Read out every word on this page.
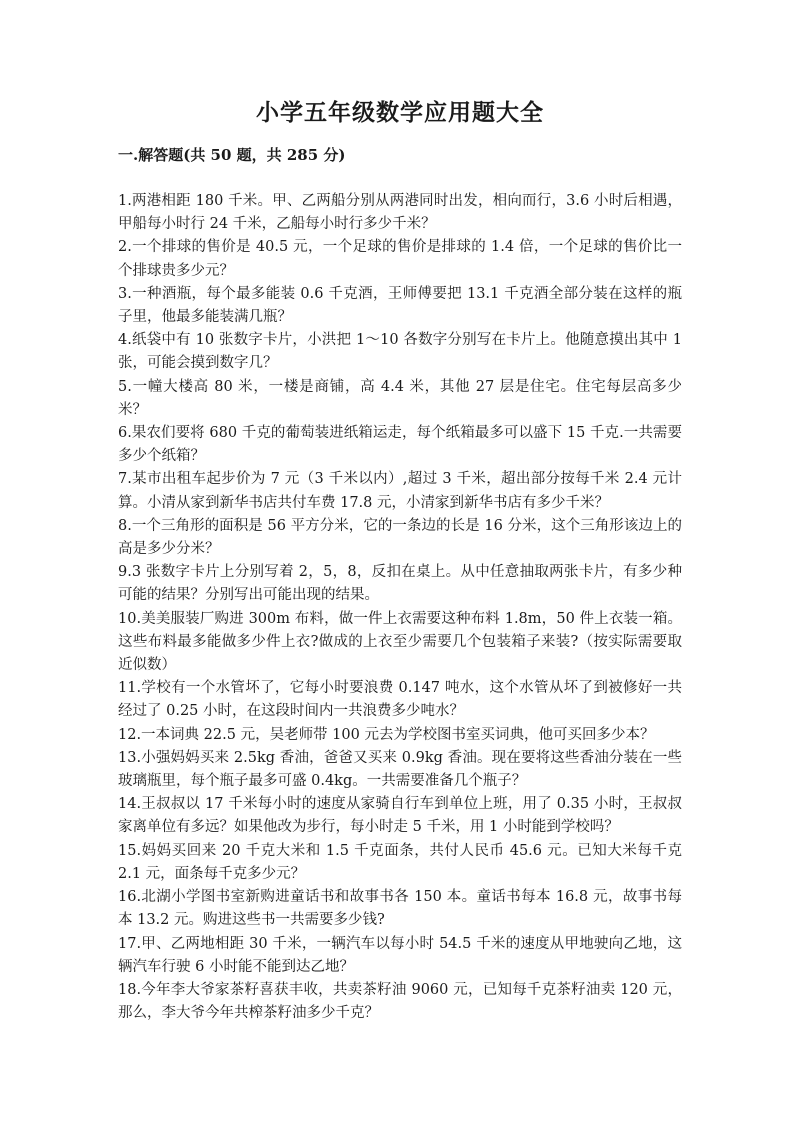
小学五年级数学应用题大全
一.解答题(共 50 题，共 285 分)
1.两港相距 180 千米。甲、乙两船分别从两港同时出发，相向而行，3.6 小时后相遇，甲船每小时行 24 千米，乙船每小时行多少千米？
2.一个排球的售价是 40.5 元，一个足球的售价是排球的 1.4 倍，一个足球的售价比一个排球贵多少元？
3.一种酒瓶，每个最多能装 0.6 千克酒，王师傅要把 13.1 千克酒全部分装在这样的瓶子里，他最多能装满几瓶？
4.纸袋中有 10 张数字卡片，小洪把 1～10 各数字分别写在卡片上。他随意摸出其中 1 张，可能会摸到数字几？
5.一幢大楼高 80 米，一楼是商铺，高 4.4 米，其他 27 层是住宅。住宅每层高多少米？
6.果农们要将 680 千克的葡萄装进纸箱运走，每个纸箱最多可以盛下 15 千克.一共需要多少个纸箱？
7.某市出租车起步价为 7 元（3 千米以内）,超过 3 千米，超出部分按每千米 2.4 元计算。小清从家到新华书店共付车费 17.8 元，小清家到新华书店有多少千米？
8.一个三角形的面积是 56 平方分米，它的一条边的长是 16 分米，这个三角形该边上的高是多少分米？
9.3 张数字卡片上分别写着 2，5，8，反扣在桌上。从中任意抽取两张卡片，有多少种可能的结果？分别写出可能出现的结果。
10.美美服装厂购进 300m 布料，做一件上衣需要这种布料 1.8m，50 件上衣装一箱。这些布料最多能做多少件上衣?做成的上衣至少需要几个包装箱子来装?（按实际需要取近似数）
11.学校有一个水管坏了，它每小时要浪费 0.147 吨水，这个水管从坏了到被修好一共经过了 0.25 小时，在这段时间内一共浪费多少吨水？
12.一本词典 22.5 元，吴老师带 100 元去为学校图书室买词典，他可买回多少本？
13.小强妈妈买来 2.5kg 香油，爸爸又买来 0.9kg 香油。现在要将这些香油分装在一些玻璃瓶里，每个瓶子最多可盛 0.4kg。一共需要准备几个瓶子？
14.王叔叔以 17 千米每小时的速度从家骑自行车到单位上班，用了 0.35 小时，王叔叔家离单位有多远？如果他改为步行，每小时走 5 千米，用 1 小时能到学校吗？
15.妈妈买回来 20 千克大米和 1.5 千克面条，共付人民币 45.6 元。已知大米每千克 2.1 元，面条每千克多少元？
16.北湖小学图书室新购进童话书和故事书各 150 本。童话书每本 16.8 元，故事书每本 13.2 元。购进这些书一共需要多少钱?
17.甲、乙两地相距 30 千米，一辆汽车以每小时 54.5 千米的速度从甲地驶向乙地，这辆汽车行驶 6 小时能不能到达乙地？
18.今年李大爷家茶籽喜获丰收，共卖茶籽油 9060 元，已知每千克茶籽油卖 120 元，那么，李大爷今年共榨茶籽油多少千克？
